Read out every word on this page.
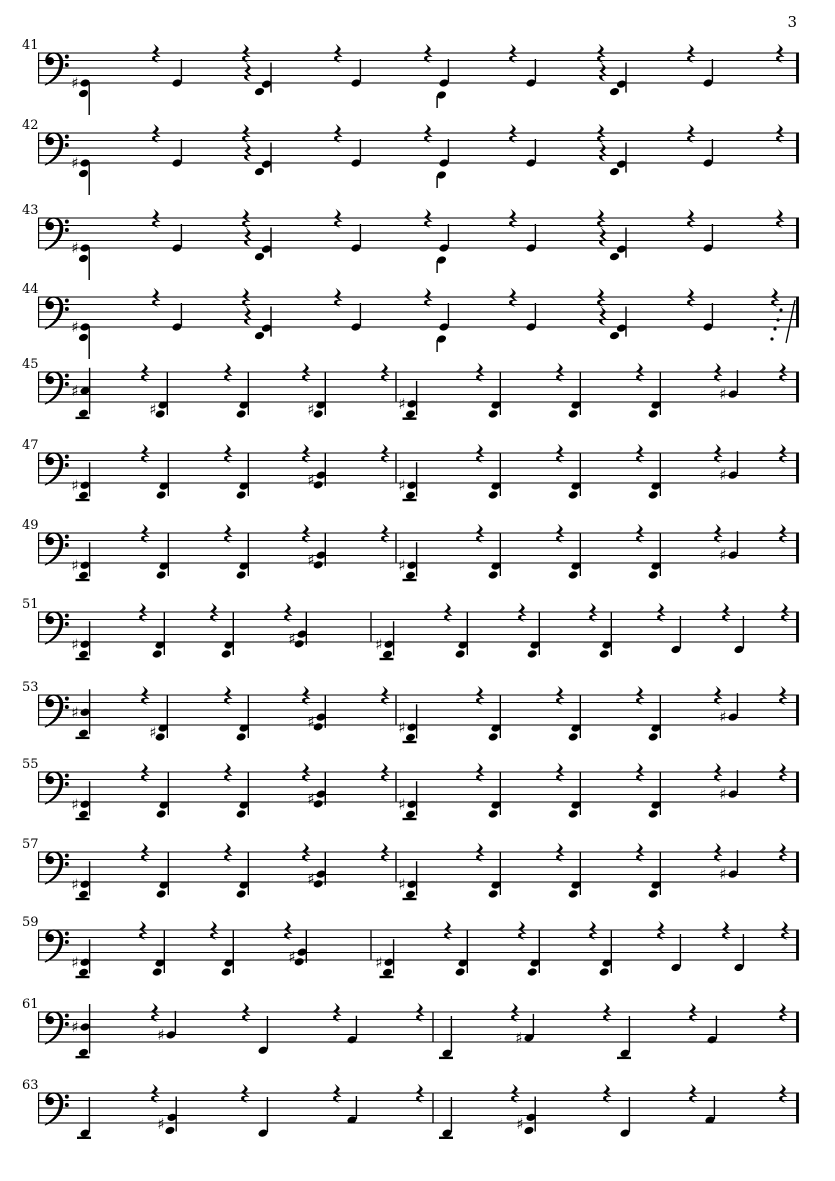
3
41
♯
42
♯
43
♯
44
♯
45
♯
♯	♯	♯
♯
47
♯	♯	♯
♯
49
♯	♯	♯
♯
51
♯	♯	♯
53
♯
♯
♯	♯
♯
55
♯	♯	♯
♯
57
♯	♯	♯
♯
59
♯	♯	♯
61
♯	♯	♯
63
♯	♯
